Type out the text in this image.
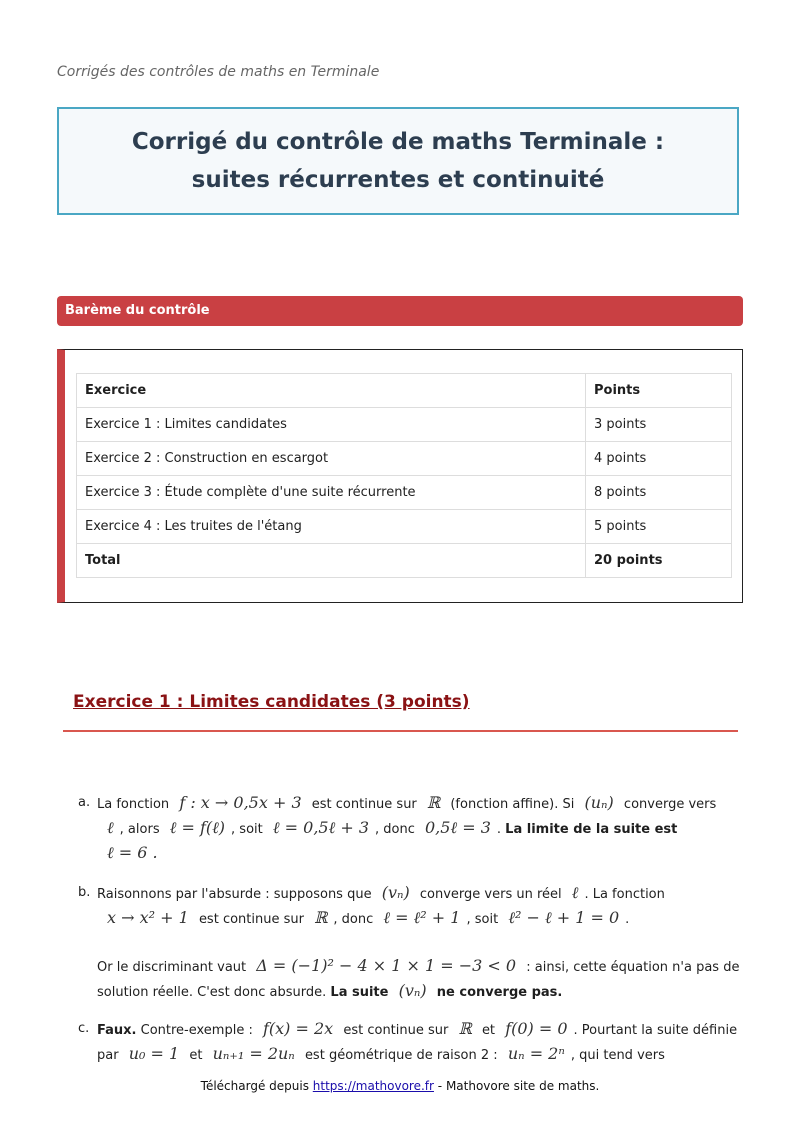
Corrigés des contrôles de maths en Terminale
Corrigé du contrôle de maths Terminale : suites récurrentes et continuité
Barème du contrôle
Exercice	Points
Exercice 1 : Limites candidates	3 points
Exercice 2 : Construction en escargot	4 points
Exercice 3 : Étude complète d'une suite récurrente	8 points
Exercice 4 : Les truites de l'étang	5 points
Total	20 points
Exercice 1 : Limites candidates (3 points)
a. La fonction f : x → 0,5x + 3 est continue sur ℝ (fonction affine). Si (uₙ) converge vers
ℓ , alors ℓ = f(ℓ) , soit ℓ = 0,5ℓ + 3 , donc 0,5ℓ = 3 . La limite de la suite est
ℓ = 6 .
b. Raisonnons par l'absurde : supposons que (vₙ) converge vers un réel ℓ . La fonction
x → x² + 1 est continue sur ℝ , donc ℓ = ℓ² + 1 , soit ℓ² − ℓ + 1 = 0 .
Or le discriminant vaut Δ = (−1)² − 4 × 1 × 1 = −3 < 0 : ainsi, cette équation n'a pas de solution réelle. C'est donc absurde. La suite (vₙ) ne converge pas.
c. Faux. Contre-exemple : f(x) = 2x est continue sur ℝ et f(0) = 0 . Pourtant la suite définie par u₀ = 1 et uₙ₊₁ = 2uₙ est géométrique de raison 2 : uₙ = 2ⁿ , qui tend vers
Téléchargé depuis https://mathovore.fr - Mathovore site de maths.
